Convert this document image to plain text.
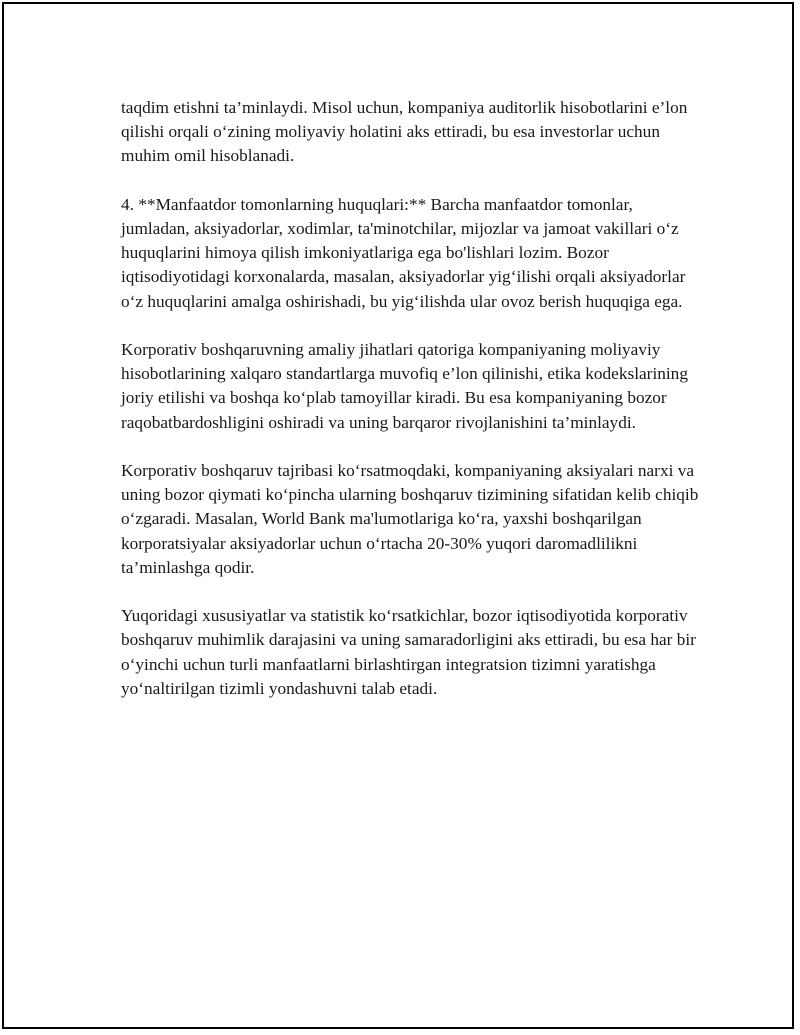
taqdim etishni ta’minlaydi. Misol uchun, kompaniya auditorlik hisobotlarini e’lon qilishi orqali o‘zining moliyaviy holatini aks ettiradi, bu esa investorlar uchun muhim omil hisoblanadi.

4. **Manfaatdor tomonlarning huquqlari:** Barcha manfaatdor tomonlar, jumladan, aksiyadorlar, xodimlar, ta'minotchilar, mijozlar va jamoat vakillari o‘z huquqlarini himoya qilish imkoniyatlariga ega bo'lishlari lozim. Bozor iqtisodiyotidagi korxonalarda, masalan, aksiyadorlar yig‘ilishi orqali aksiyadorlar o‘z huquqlarini amalga oshirishadi, bu yig‘ilishda ular ovoz berish huquqiga ega.

Korporativ boshqaruvning amaliy jihatlari qatoriga kompaniyaning moliyaviy hisobotlarining xalqaro standartlarga muvofiq e’lon qilinishi, etika kodekslarining joriy etilishi va boshqa ko‘plab tamoyillar kiradi. Bu esa kompaniyaning bozor raqobatbardoshligini oshiradi va uning barqaror rivojlanishini ta’minlaydi.

Korporativ boshqaruv tajribasi ko‘rsatmoqdaki, kompaniyaning aksiyalari narxi va uning bozor qiymati ko‘pincha ularning boshqaruv tizimining sifatidan kelib chiqib o‘zgaradi. Masalan, World Bank ma'lumotlariga ko‘ra, yaxshi boshqarilgan korporatsiyalar aksiyadorlar uchun o‘rtacha 20-30% yuqori daromadlilikni ta’minlashga qodir.

Yuqoridagi xususiyatlar va statistik ko‘rsatkichlar, bozor iqtisodiyotida korporativ boshqaruv muhimlik darajasini va uning samaradorligini aks ettiradi, bu esa har bir o‘yinchi uchun turli manfaatlarni birlashtirgan integratsion tizimni yaratishga yo‘naltirilgan tizimli yondashuvni talab etadi.
